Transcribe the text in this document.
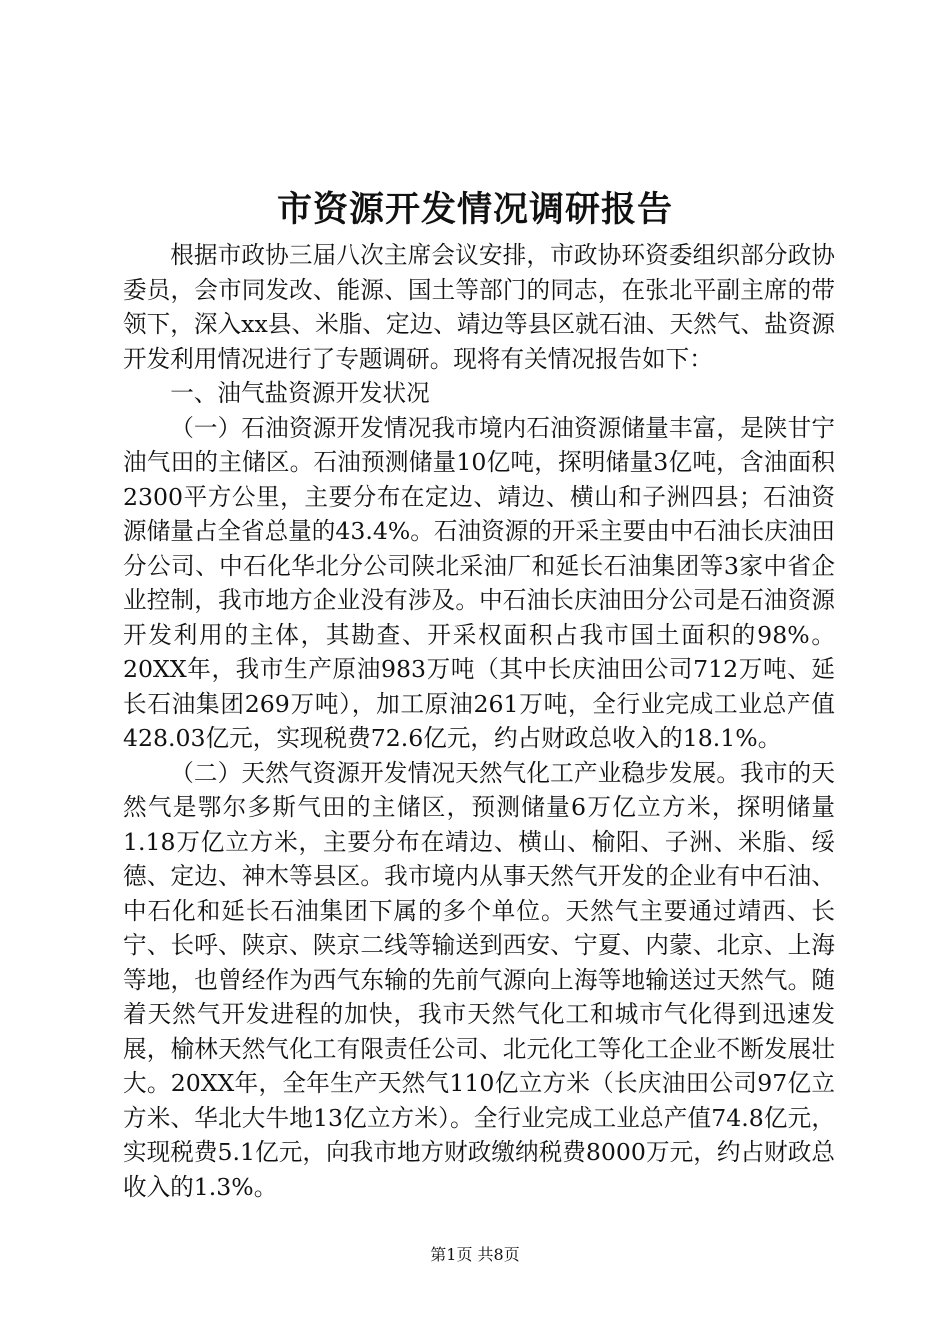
市资源开发情况调研报告

根据市政协三届八次主席会议安排，市政协环资委组织部分政协委员，会市同发改、能源、国土等部门的同志，在张北平副主席的带领下，深入xx县、米脂、定边、靖边等县区就石油、天然气、盐资源开发利用情况进行了专题调研。现将有关情况报告如下：

一、油气盐资源开发状况

（一）石油资源开发情况我市境内石油资源储量丰富，是陕甘宁油气田的主储区。石油预测储量10亿吨，探明储量3亿吨，含油面积2300平方公里，主要分布在定边、靖边、横山和子洲四县；石油资源储量占全省总量的43.4%。石油资源的开采主要由中石油长庆油田分公司、中石化华北分公司陕北采油厂和延长石油集团等3家中省企业控制，我市地方企业没有涉及。中石油长庆油田分公司是石油资源开发利用的主体，其勘查、开采权面积占我市国土面积的98%。20XX年，我市生产原油983万吨（其中长庆油田公司712万吨、延长石油集团269万吨），加工原油261万吨，全行业完成工业总产值428.03亿元，实现税费72.6亿元，约占财政总收入的18.1%。

（二）天然气资源开发情况天然气化工产业稳步发展。我市的天然气是鄂尔多斯气田的主储区，预测储量6万亿立方米，探明储量1.18万亿立方米，主要分布在靖边、横山、榆阳、子洲、米脂、绥德、定边、神木等县区。我市境内从事天然气开发的企业有中石油、中石化和延长石油集团下属的多个单位。天然气主要通过靖西、长宁、长呼、陕京、陕京二线等输送到西安、宁夏、内蒙、北京、上海等地，也曾经作为西气东输的先前气源向上海等地输送过天然气。随着天然气开发进程的加快，我市天然气化工和城市气化得到迅速发展，榆林天然气化工有限责任公司、北元化工等化工企业不断发展壮大。20XX年，全年生产天然气110亿立方米（长庆油田公司97亿立方米、华北大牛地13亿立方米）。全行业完成工业总产值74.8亿元，实现税费5.1亿元，向我市地方财政缴纳税费8000万元，约占财政总收入的1.3%。

第1页 共8页
